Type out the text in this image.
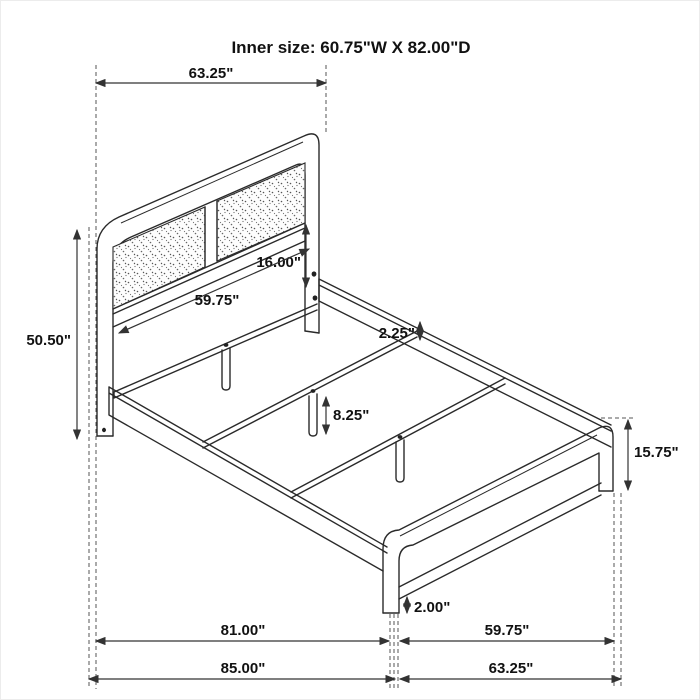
Inner size: 60.75"W X 82.00"D
63.25"
50.50"
16.00"
59.75"
2.25"
8.25"
15.75"
2.00"
81.00"	59.75"
85.00"	63.25"
